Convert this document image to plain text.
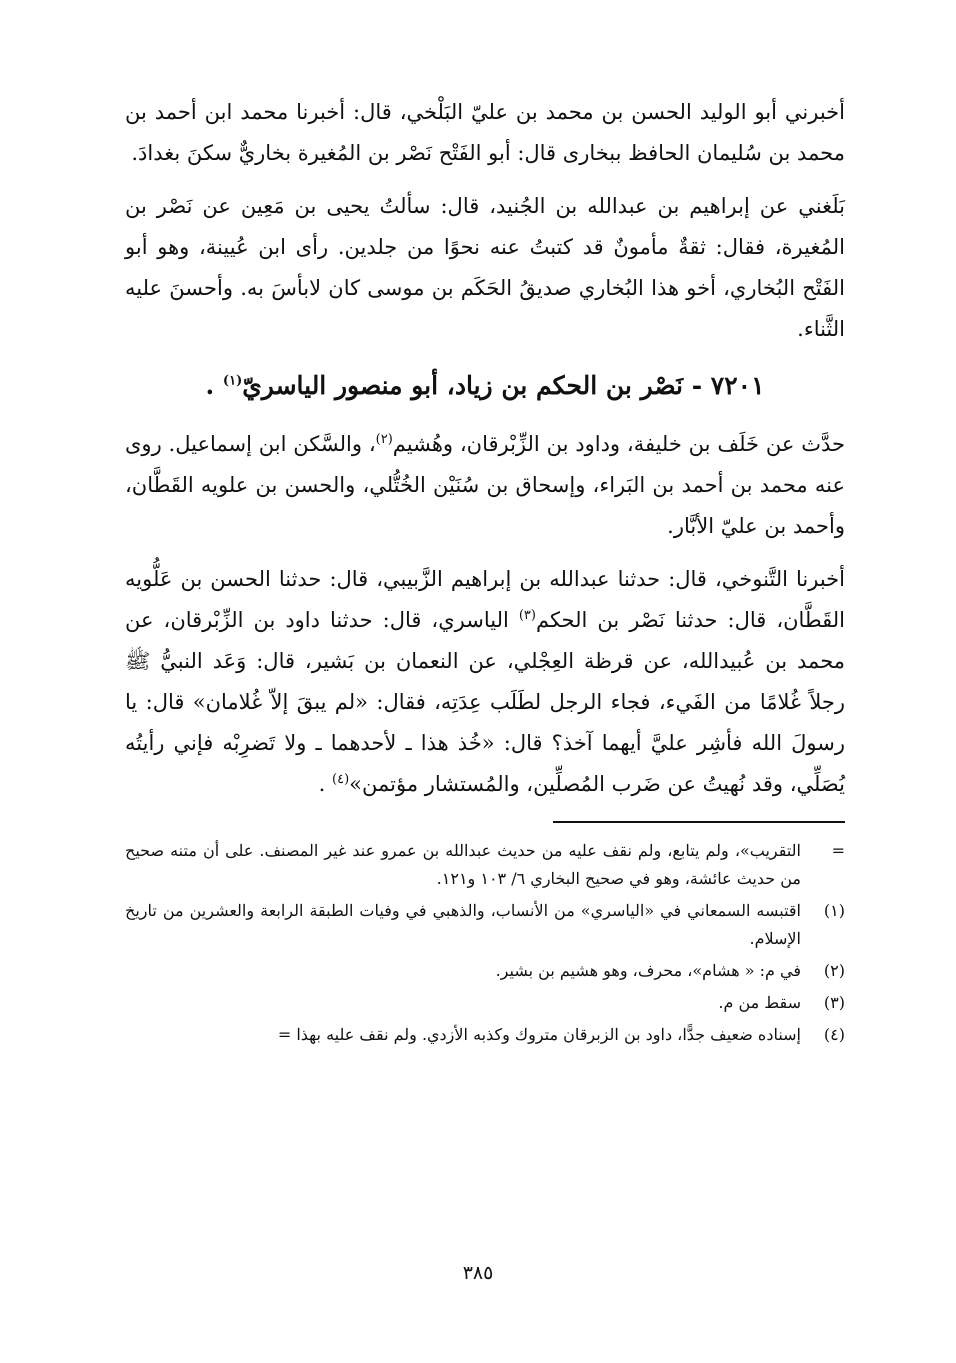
أخبرني أبو الوليد الحسن بن محمد بن عليّ البَلْخي، قال: أخبرنا محمد ابن أحمد بن محمد بن سُليمان الحافظ ببخارى قال: أبو الفَتْح نَصْر بن المُغيرة بخاريٌّ سكنَ بغدادَ.

بَلَغني عن إبراهيم بن عبدالله بن الجُنيد، قال: سألتُ يحيى بن مَعِين عن نَصْر بن المُغيرة، فقال: ثقةٌ مأمونٌ قد كتبتُ عنه نحوًا من جلدين. رأى ابن عُيينة، وهو أبو الفَتْح البُخاري، أخو هذا البُخاري صديقُ الحَكَم بن موسى كان لابأسَ به. وأحسنَ عليه الثَّناء.

٧٢٠١ - نَصْر بن الحكم بن زياد، أبو منصور الياسريّ$^{(١)}$ .

حدَّث عن خَلَف بن خليفة، وداود بن الزِّبْرقان، وهُشيم$^{(٢)}$، والسَّكن ابن إسماعيل. روى عنه محمد بن أحمد بن البَراء، وإسحاق بن سُنَيْن الخُتُّلي، والحسن بن علويه القَطَّان، وأحمد بن عليّ الأبَّار.

أخبرنا التَّنوخي، قال: حدثنا عبدالله بن إبراهيم الزَّبيبي، قال: حدثنا الحسن بن عَلُّويه القَطَّان، قال: حدثنا نَصْر بن الحكم$^{(٣)}$ الياسري، قال: حدثنا داود بن الزِّبْرقان، عن محمد بن عُبيدالله، عن قرظة العِجْلي، عن النعمان بن بَشير، قال: وَعَد النبيُّ ﷺ رجلاً غُلامًا من الفَيء، فجاء الرجل لطَلَب عِدَتِه، فقال: «لم يبقَ إلاّ غُلامان» قال: يا رسولَ الله فأشِر عليَّ أيهما آخذ؟ قال: «خُذ هذا ـ لأحدهما ـ ولا تَضرِبْه فإني رأيتُه يُصَلِّي، وقد نُهيتُ عن ضَرب المُصلِّين، والمُستشار مؤتمن»$^{(٤)}$ .

=
التقريب»، ولم يتابع، ولم نقف عليه من حديث عبدالله بن عمرو عند غير المصنف. على أن متنه صحيح من حديث عائشة، وهو في صحيح البخاري ٦/ ١٠٣ و١٢١.
(١)
اقتبسه السمعاني في «الياسري» من الأنساب، والذهبي في وفيات الطبقة الرابعة والعشرين من تاريخ الإسلام.
(٢)
في م: « هشام»، محرف، وهو هشيم بن بشير.
(٣)
سقط من م.
(٤)
إسناده ضعيف جدًّا، داود بن الزبرقان متروك وكذبه الأزدي. ولم نقف عليه بهذا =
٣٨٥
